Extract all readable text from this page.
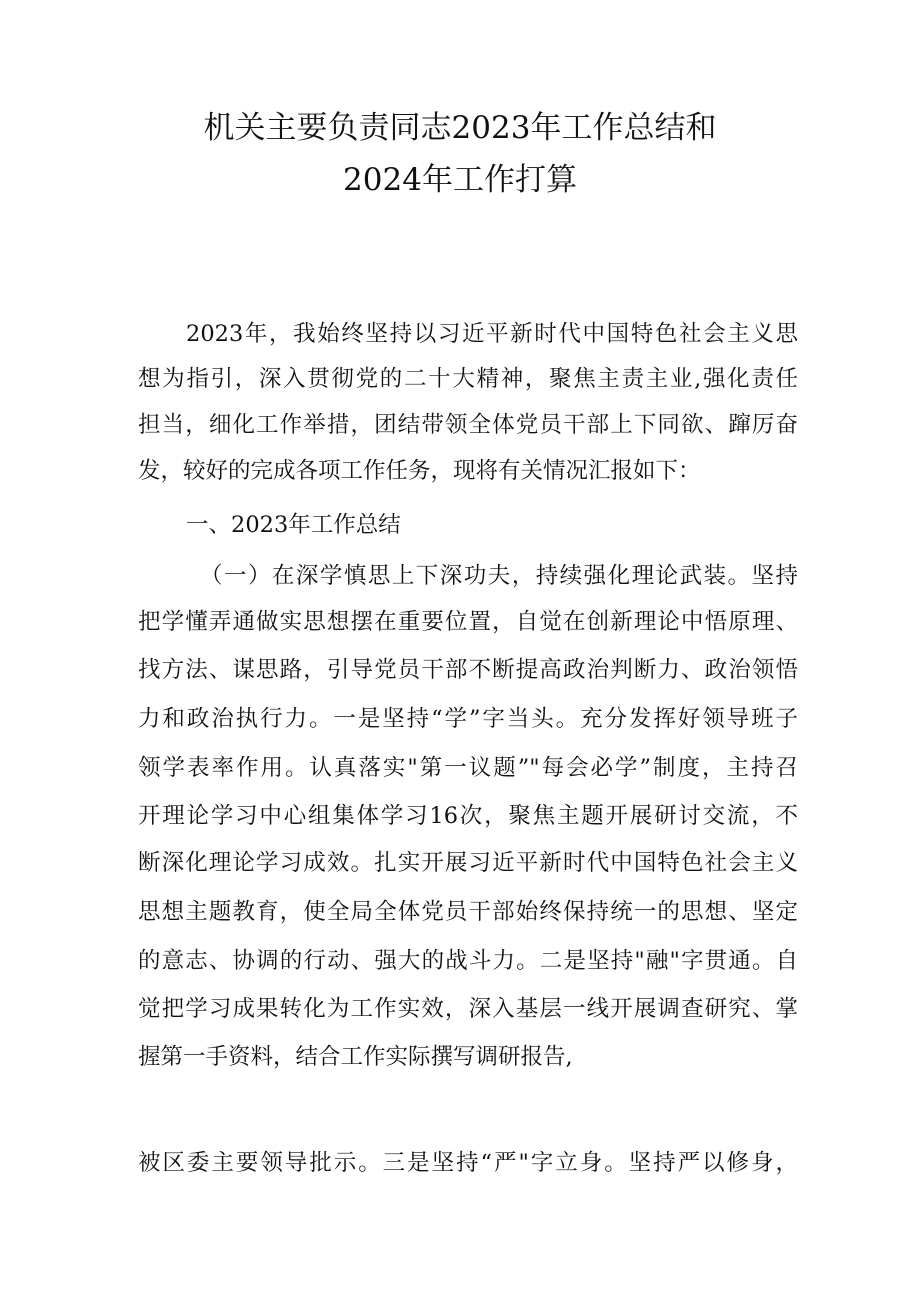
机关主要负责同志2023年工作总结和
2024年工作打算
2023年，我始终坚持以习近平新时代中国特色社会主义思
想为指引，深入贯彻党的二十大精神，聚焦主责主业,强化责任
担当，细化工作举措，团结带领全体党员干部上下同欲、蹿厉奋
发，较好的完成各项工作任务，现将有关情况汇报如下：
一、2023年工作总结
（一）在深学慎思上下深功夫，持续强化理论武装。坚持
把学懂弄通做实思想摆在重要位置，自觉在创新理论中悟原理、
找方法、谋思路，引导党员干部不断提高政治判断力、政治领悟
力和政治执行力。一是坚持“学”字当头。充分发挥好领导班子
领学表率作用。认真落实"第一议题”"每会必学”制度，主持召
开理论学习中心组集体学习16次，聚焦主题开展研讨交流，不
断深化理论学习成效。扎实开展习近平新时代中国特色社会主义
思想主题教育，使全局全体党员干部始终保持统一的思想、坚定
的意志、协调的行动、强大的战斗力。二是坚持"融"字贯通。自
觉把学习成果转化为工作实效，深入基层一线开展调查研究、掌
握第一手资料，结合工作实际撰写调研报告,
被区委主要领导批示。三是坚持“严"字立身。坚持严以修身，
